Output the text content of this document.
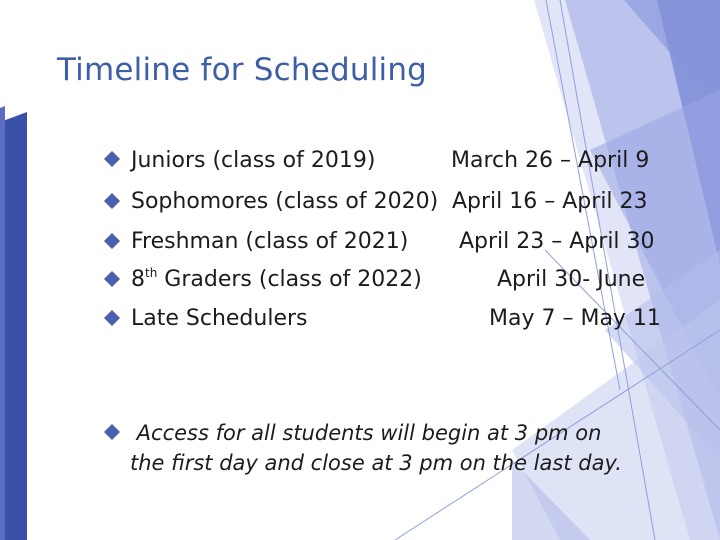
Timeline for Scheduling
Juniors (class of 2019)	March 26 – April 9
Sophomores (class of 2020) April 16 – April 23
Freshman (class of 2021) April 23 – April 30
8th Graders (class of 2022)	April 30- June
Late Schedulers	May 7 – May 11
Access for all students will begin at 3 pm on
the first day and close at 3 pm on the last day.
